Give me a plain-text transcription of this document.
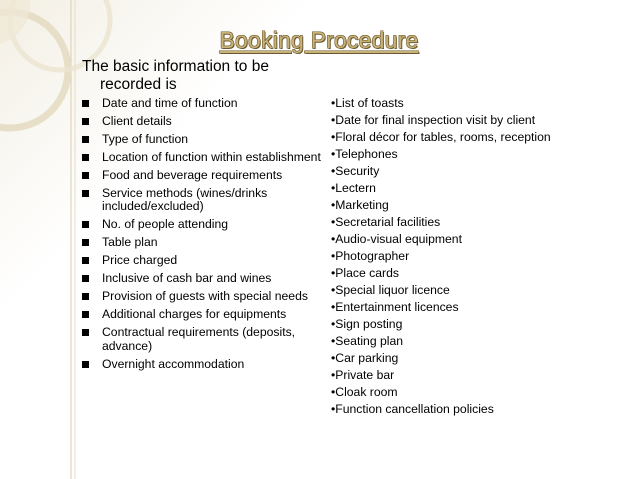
Booking Procedure
The basic information to be
recorded is
Date and time of function
Client details
Type of function
Location of function within establishment
Food and beverage requirements
Service methods (wines/drinks included/excluded)
No. of people attending
Table plan
Price charged
Inclusive of cash bar and wines
Provision of guests with special needs
Additional charges for equipments
Contractual requirements (deposits, advance)
Overnight accommodation
•List of toasts
•Date for final inspection visit by client
•Floral décor for tables, rooms, reception
•Telephones
•Security
•Lectern
•Marketing
•Secretarial facilities
•Audio-visual equipment
•Photographer
•Place cards
•Special liquor licence
•Entertainment licences
•Sign posting
•Seating plan
•Car parking
•Private bar
•Cloak room
•Function cancellation policies
